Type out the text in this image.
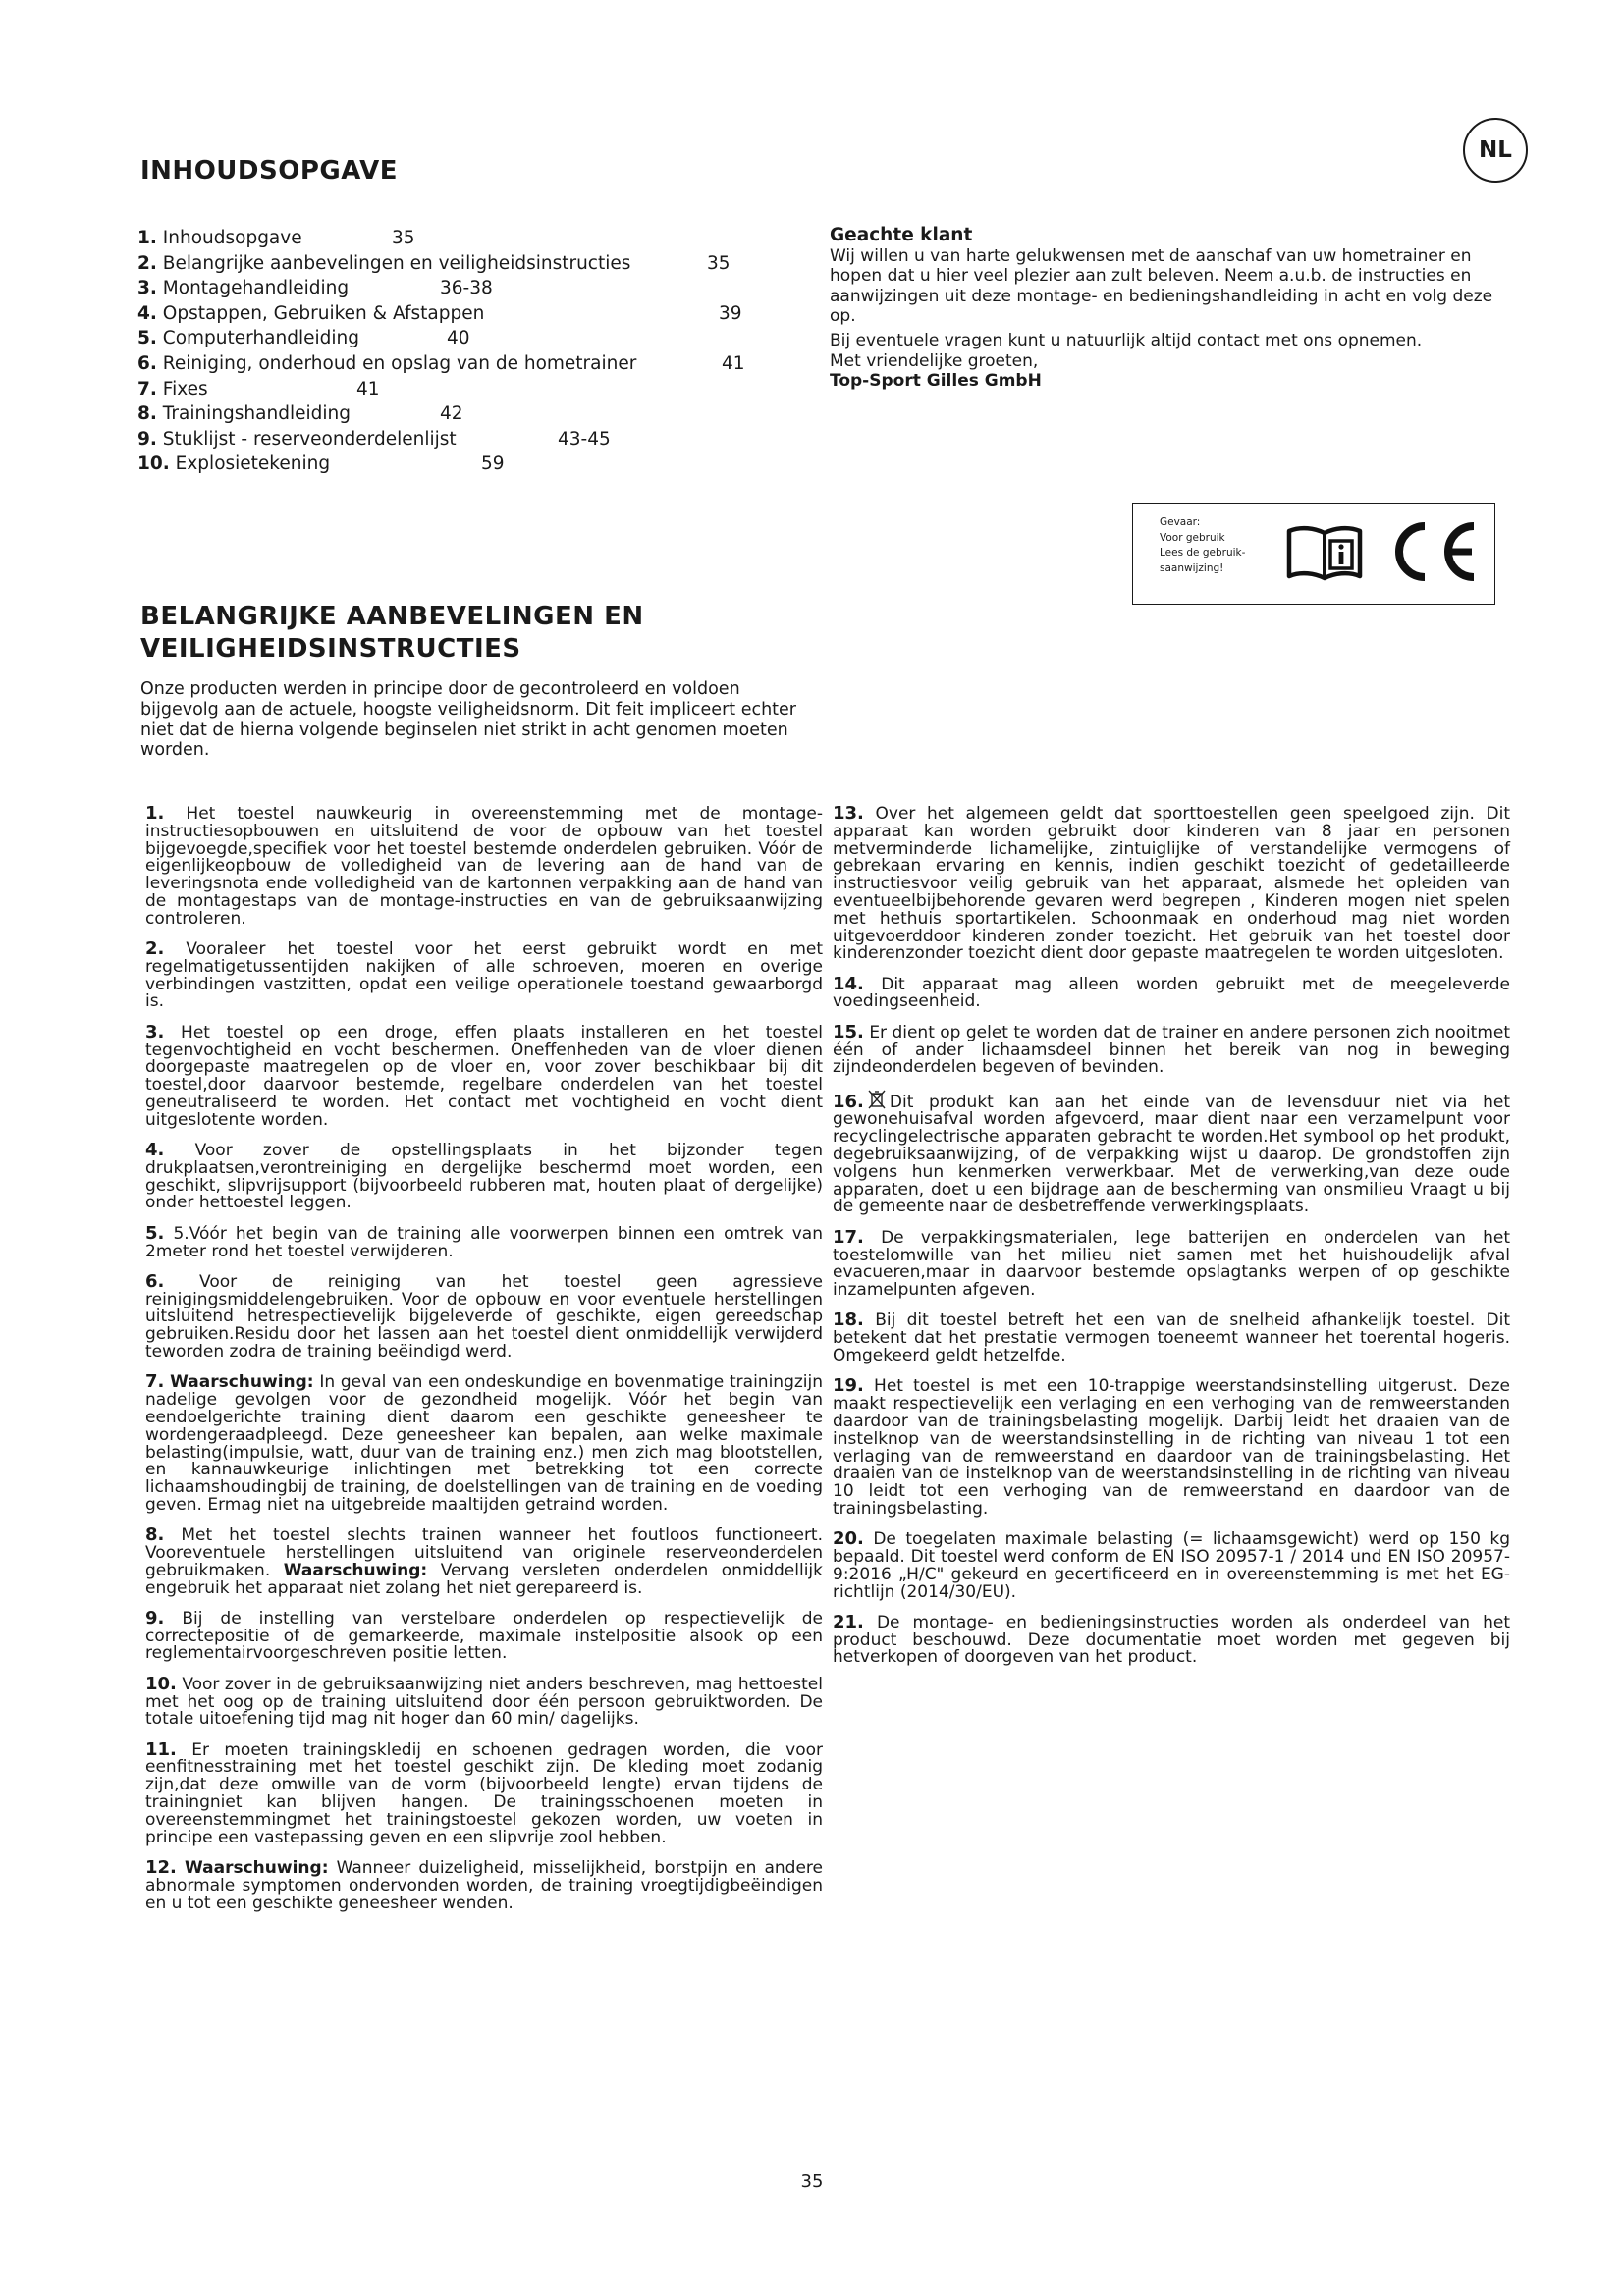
NL
INHOUDSOPGAVE
1. Inhoudsopgave	35
2. Belangrijke aanbevelingen en veiligheidsinstructies	35
3. Montagehandleiding	36-38
4. Opstappen, Gebruiken & Afstappen	39
5. Computerhandleiding	40
6. Reiniging, onderhoud en opslag van de hometrainer	41
7. Fixes	41
8. Trainingshandleiding	42
9. Stuklijst - reserveonderdelenlijst	43-45
10. Explosietekening	59
Geachte klant

Wij willen u van harte gelukwensen met de aanschaf van uw hometrainer en hopen dat u hier veel plezier aan zult beleven. Neem a.u.b. de instructies en aanwijzingen uit deze montage- en bedieningshandleiding in acht en volg deze op.

Bij eventuele vragen kunt u natuurlijk altijd contact met ons opnemen.
Met vriendelijke groeten,
Top-Sport Gilles GmbH
Gevaar:
Voor gebruik
Lees de gebruik-
saanwijzing!
BELANGRIJKE AANBEVELINGEN EN
VEILIGHEIDSINSTRUCTIES

Onze producten werden in principe door de gecontroleerd en voldoen bijgevolg aan de actuele, hoogste veiligheidsnorm. Dit feit impliceert echter niet dat de hierna volgende beginselen niet strikt in acht genomen moeten worden.

1. Het toestel nauwkeurig in overeenstemming met de montage-instructiesopbouwen en uitsluitend de voor de opbouw van het toestel bijgevoegde,specifiek voor het toestel bestemde onderdelen gebruiken. Vóór de eigenlijkeopbouw de volledigheid van de levering aan de hand van de leveringsnota ende volledigheid van de kartonnen verpakking aan de hand van de montagestaps van de montage-instructies en van de gebruiksaanwijzing controleren.

2. Vooraleer het toestel voor het eerst gebruikt wordt en met regelmatigetussentijden nakijken of alle schroeven, moeren en overige verbindingen vastzitten, opdat een veilige operationele toestand gewaarborgd is.

3. Het toestel op een droge, effen plaats installeren en het toestel tegenvochtigheid en vocht beschermen. Oneffenheden van de vloer dienen doorgepaste maatregelen op de vloer en, voor zover beschikbaar bij dit toestel,door daarvoor bestemde, regelbare onderdelen van het toestel geneutraliseerd te worden. Het contact met vochtigheid en vocht dient uitgeslotente worden.

4. Voor zover de opstellingsplaats in het bijzonder tegen drukplaatsen,verontreiniging en dergelijke beschermd moet worden, een geschikt, slipvrijsupport (bijvoorbeeld rubberen mat, houten plaat of dergelijke) onder hettoestel leggen.

5. 5.Vóór het begin van de training alle voorwerpen binnen een omtrek van 2meter rond het toestel verwijderen.

6. Voor de reiniging van het toestel geen agressieve reinigingsmiddelengebruiken. Voor de opbouw en voor eventuele herstellingen uitsluitend hetrespectievelijk bijgeleverde of geschikte, eigen gereedschap gebruiken.Residu door het lassen aan het toestel dient onmiddellijk verwijderd teworden zodra de training beëindigd werd.

7. Waarschuwing: In geval van een ondeskundige en bovenmatige trainingzijn nadelige gevolgen voor de gezondheid mogelijk. Vóór het begin van eendoelgerichte training dient daarom een geschikte geneesheer te wordengeraadpleegd. Deze geneesheer kan bepalen, aan welke maximale belasting(impulsie, watt, duur van de training enz.) men zich mag blootstellen, en kannauwkeurige inlichtingen met betrekking tot een correcte lichaamshoudingbij de training, de doelstellingen van de training en de voeding geven. Ermag niet na uitgebreide maaltijden getraind worden.

8. Met het toestel slechts trainen wanneer het foutloos functioneert. Vooreventuele herstellingen uitsluitend van originele reserveonderdelen gebruikmaken. Waarschuwing: Vervang versleten onderdelen onmiddellijk engebruik het apparaat niet zolang het niet gerepareerd is.

9. Bij de instelling van verstelbare onderdelen op respectievelijk de correctepositie of de gemarkeerde, maximale instelpositie alsook op een reglementairvoorgeschreven positie letten.

10. Voor zover in de gebruiksaanwijzing niet anders beschreven, mag hettoestel met het oog op de training uitsluitend door één persoon gebruiktworden. De totale uitoefening tijd mag nit hoger dan 60 min/ dagelijks.

11. Er moeten trainingskledij en schoenen gedragen worden, die voor eenfitnesstraining met het toestel geschikt zijn. De kleding moet zodanig zijn,dat deze omwille van de vorm (bijvoorbeeld lengte) ervan tijdens de trainingniet kan blijven hangen. De trainingsschoenen moeten in overeenstemmingmet het trainingstoestel gekozen worden, uw voeten in principe een vastepassing geven en een slipvrije zool hebben.

12. Waarschuwing: Wanneer duizeligheid, misselijkheid, borstpijn en andere abnormale symptomen ondervonden worden, de training vroegtijdigbeëindigen en u tot een geschikte geneesheer wenden.

13. Over het algemeen geldt dat sporttoestellen geen speelgoed zijn. Dit apparaat kan worden gebruikt door kinderen van 8 jaar en personen metverminderde lichamelijke, zintuiglijke of verstandelijke vermogens of gebrekaan ervaring en kennis, indien geschikt toezicht of gedetailleerde instructiesvoor veilig gebruik van het apparaat, alsmede het opleiden van eventueelbijbehorende gevaren werd begrepen , Kinderen mogen niet spelen met hethuis sportartikelen. Schoonmaak en onderhoud mag niet worden uitgevoerddoor kinderen zonder toezicht. Het gebruik van het toestel door kinderenzonder toezicht dient door gepaste maatregelen te worden uitgesloten.

14. Dit apparaat mag alleen worden gebruikt met de meegeleverde voedingseenheid.

15. Er dient op gelet te worden dat de trainer en andere personen zich nooitmet één of ander lichaamsdeel binnen het bereik van nog in beweging zijndeonderdelen begeven of bevinden.

16. Dit produkt kan aan het einde van de levensduur niet via het gewonehuisafval worden afgevoerd, maar dient naar een verzamelpunt voor recyclingelectrische apparaten gebracht te worden.Het symbool op het produkt, degebruiksaanwijzing, of de verpakking wijst u daarop. De grondstoffen zijn volgens hun kenmerken verwerkbaar. Met de verwerking,van deze oude apparaten, doet u een bijdrage aan de bescherming van onsmilieu Vraagt u bij de gemeente naar de desbetreffende verwerkingsplaats.

17. De verpakkingsmaterialen, lege batterijen en onderdelen van het toestelomwille van het milieu niet samen met het huishoudelijk afval evacueren,maar in daarvoor bestemde opslagtanks werpen of op geschikte inzamelpunten afgeven.

18. Bij dit toestel betreft het een van de snelheid afhankelijk toestel. Dit betekent dat het prestatie vermogen toeneemt wanneer het toerental hogeris. Omgekeerd geldt hetzelfde.

19. Het toestel is met een 10-trappige weerstandsinstelling uitgerust. Deze maakt respectievelijk een verlaging en een verhoging van de remweerstanden daardoor van de trainingsbelasting mogelijk. Darbij leidt het draaien van de instelknop van de weerstandsinstelling in de richting van niveau 1 tot een verlaging van de remweerstand en daardoor van de trainingsbelasting. Het draaien van de instelknop van de weerstandsinstelling in de richting van niveau 10 leidt tot een verhoging van de remweerstand en daardoor van de trainingsbelasting.

20. De toegelaten maximale belasting (= lichaamsgewicht) werd op 150 kg bepaald. Dit toestel werd conform de EN ISO 20957-1 / 2014 und EN ISO 20957-9:2016 „H/C" gekeurd en gecertificeerd en in overeenstemming is met het EG-richtlijn (2014/30/EU).

21. De montage- en bedieningsinstructies worden als onderdeel van het product beschouwd. Deze documentatie moet worden met gegeven bij hetverkopen of doorgeven van het product.

35
